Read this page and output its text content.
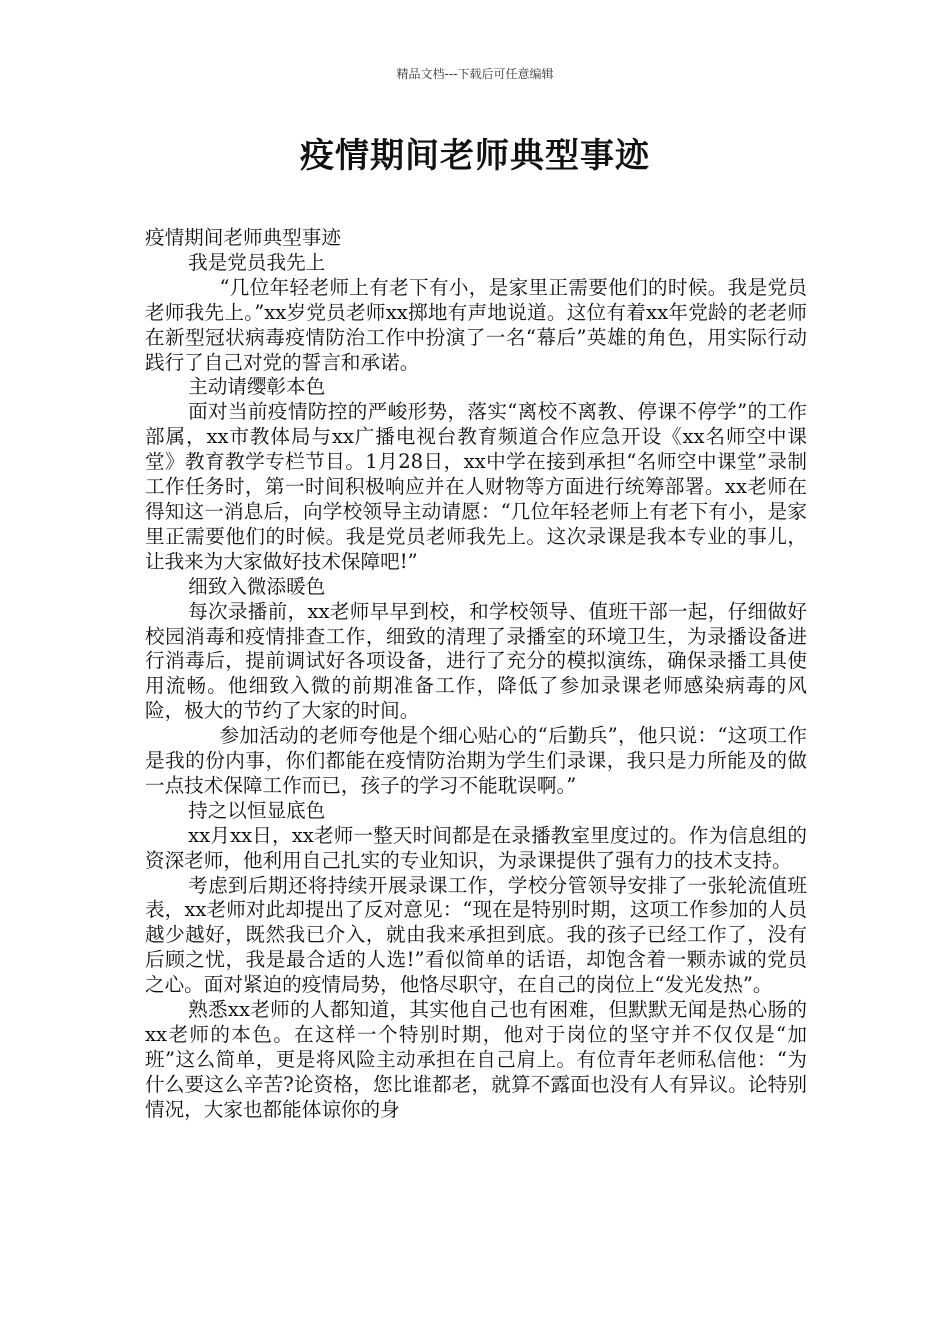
精品文档---下载后可任意编辑
疫情期间老师典型事迹

疫情期间老师典型事迹

我是党员我先上

“几位年轻老师上有老下有小，是家里正需要他们的时候。我是党员老师我先上。”xx岁党员老师xx掷地有声地说道。这位有着xx年党龄的老老师在新型冠状病毒疫情防治工作中扮演了一名“幕后”英雄的角色，用实际行动践行了自己对党的誓言和承诺。

主动请缨彰本色

面对当前疫情防控的严峻形势，落实“离校不离教、停课不停学”的工作部属，xx市教体局与xx广播电视台教育频道合作应急开设《xx名师空中课堂》教育教学专栏节目。1月28日，xx中学在接到承担“名师空中课堂”录制工作任务时，第一时间积极响应并在人财物等方面进行统筹部署。xx老师在得知这一消息后，向学校领导主动请愿：“几位年轻老师上有老下有小，是家里正需要他们的时候。我是党员老师我先上。这次录课是我本专业的事儿，让我来为大家做好技术保障吧!”

细致入微添暖色

每次录播前，xx老师早早到校，和学校领导、值班干部一起，仔细做好校园消毒和疫情排查工作，细致的清理了录播室的环境卫生，为录播设备进行消毒后，提前调试好各项设备，进行了充分的模拟演练，确保录播工具使用流畅。他细致入微的前期准备工作，降低了参加录课老师感染病毒的风险，极大的节约了大家的时间。

参加活动的老师夸他是个细心贴心的“后勤兵”，他只说：“这项工作是我的份内事，你们都能在疫情防治期为学生们录课，我只是力所能及的做一点技术保障工作而已，孩子的学习不能耽误啊。”

持之以恒显底色

xx月xx日，xx老师一整天时间都是在录播教室里度过的。作为信息组的资深老师，他利用自己扎实的专业知识，为录课提供了强有力的技术支持。

考虑到后期还将持续开展录课工作，学校分管领导安排了一张轮流值班表，xx老师对此却提出了反对意见：“现在是特别时期，这项工作参加的人员越少越好，既然我已介入，就由我来承担到底。我的孩子已经工作了，没有后顾之忧，我是最合适的人选!”看似简单的话语，却饱含着一颗赤诚的党员之心。面对紧迫的疫情局势，他恪尽职守，在自己的岗位上“发光发热”。

熟悉xx老师的人都知道，其实他自己也有困难，但默默无闻是热心肠的xx老师的本色。在这样一个特别时期，他对于岗位的坚守并不仅仅是“加班”这么简单，更是将风险主动承担在自己肩上。有位青年老师私信他：“为什么要这么辛苦?论资格，您比谁都老，就算不露面也没有人有异议。论特别情况，大家也都能体谅你的身
